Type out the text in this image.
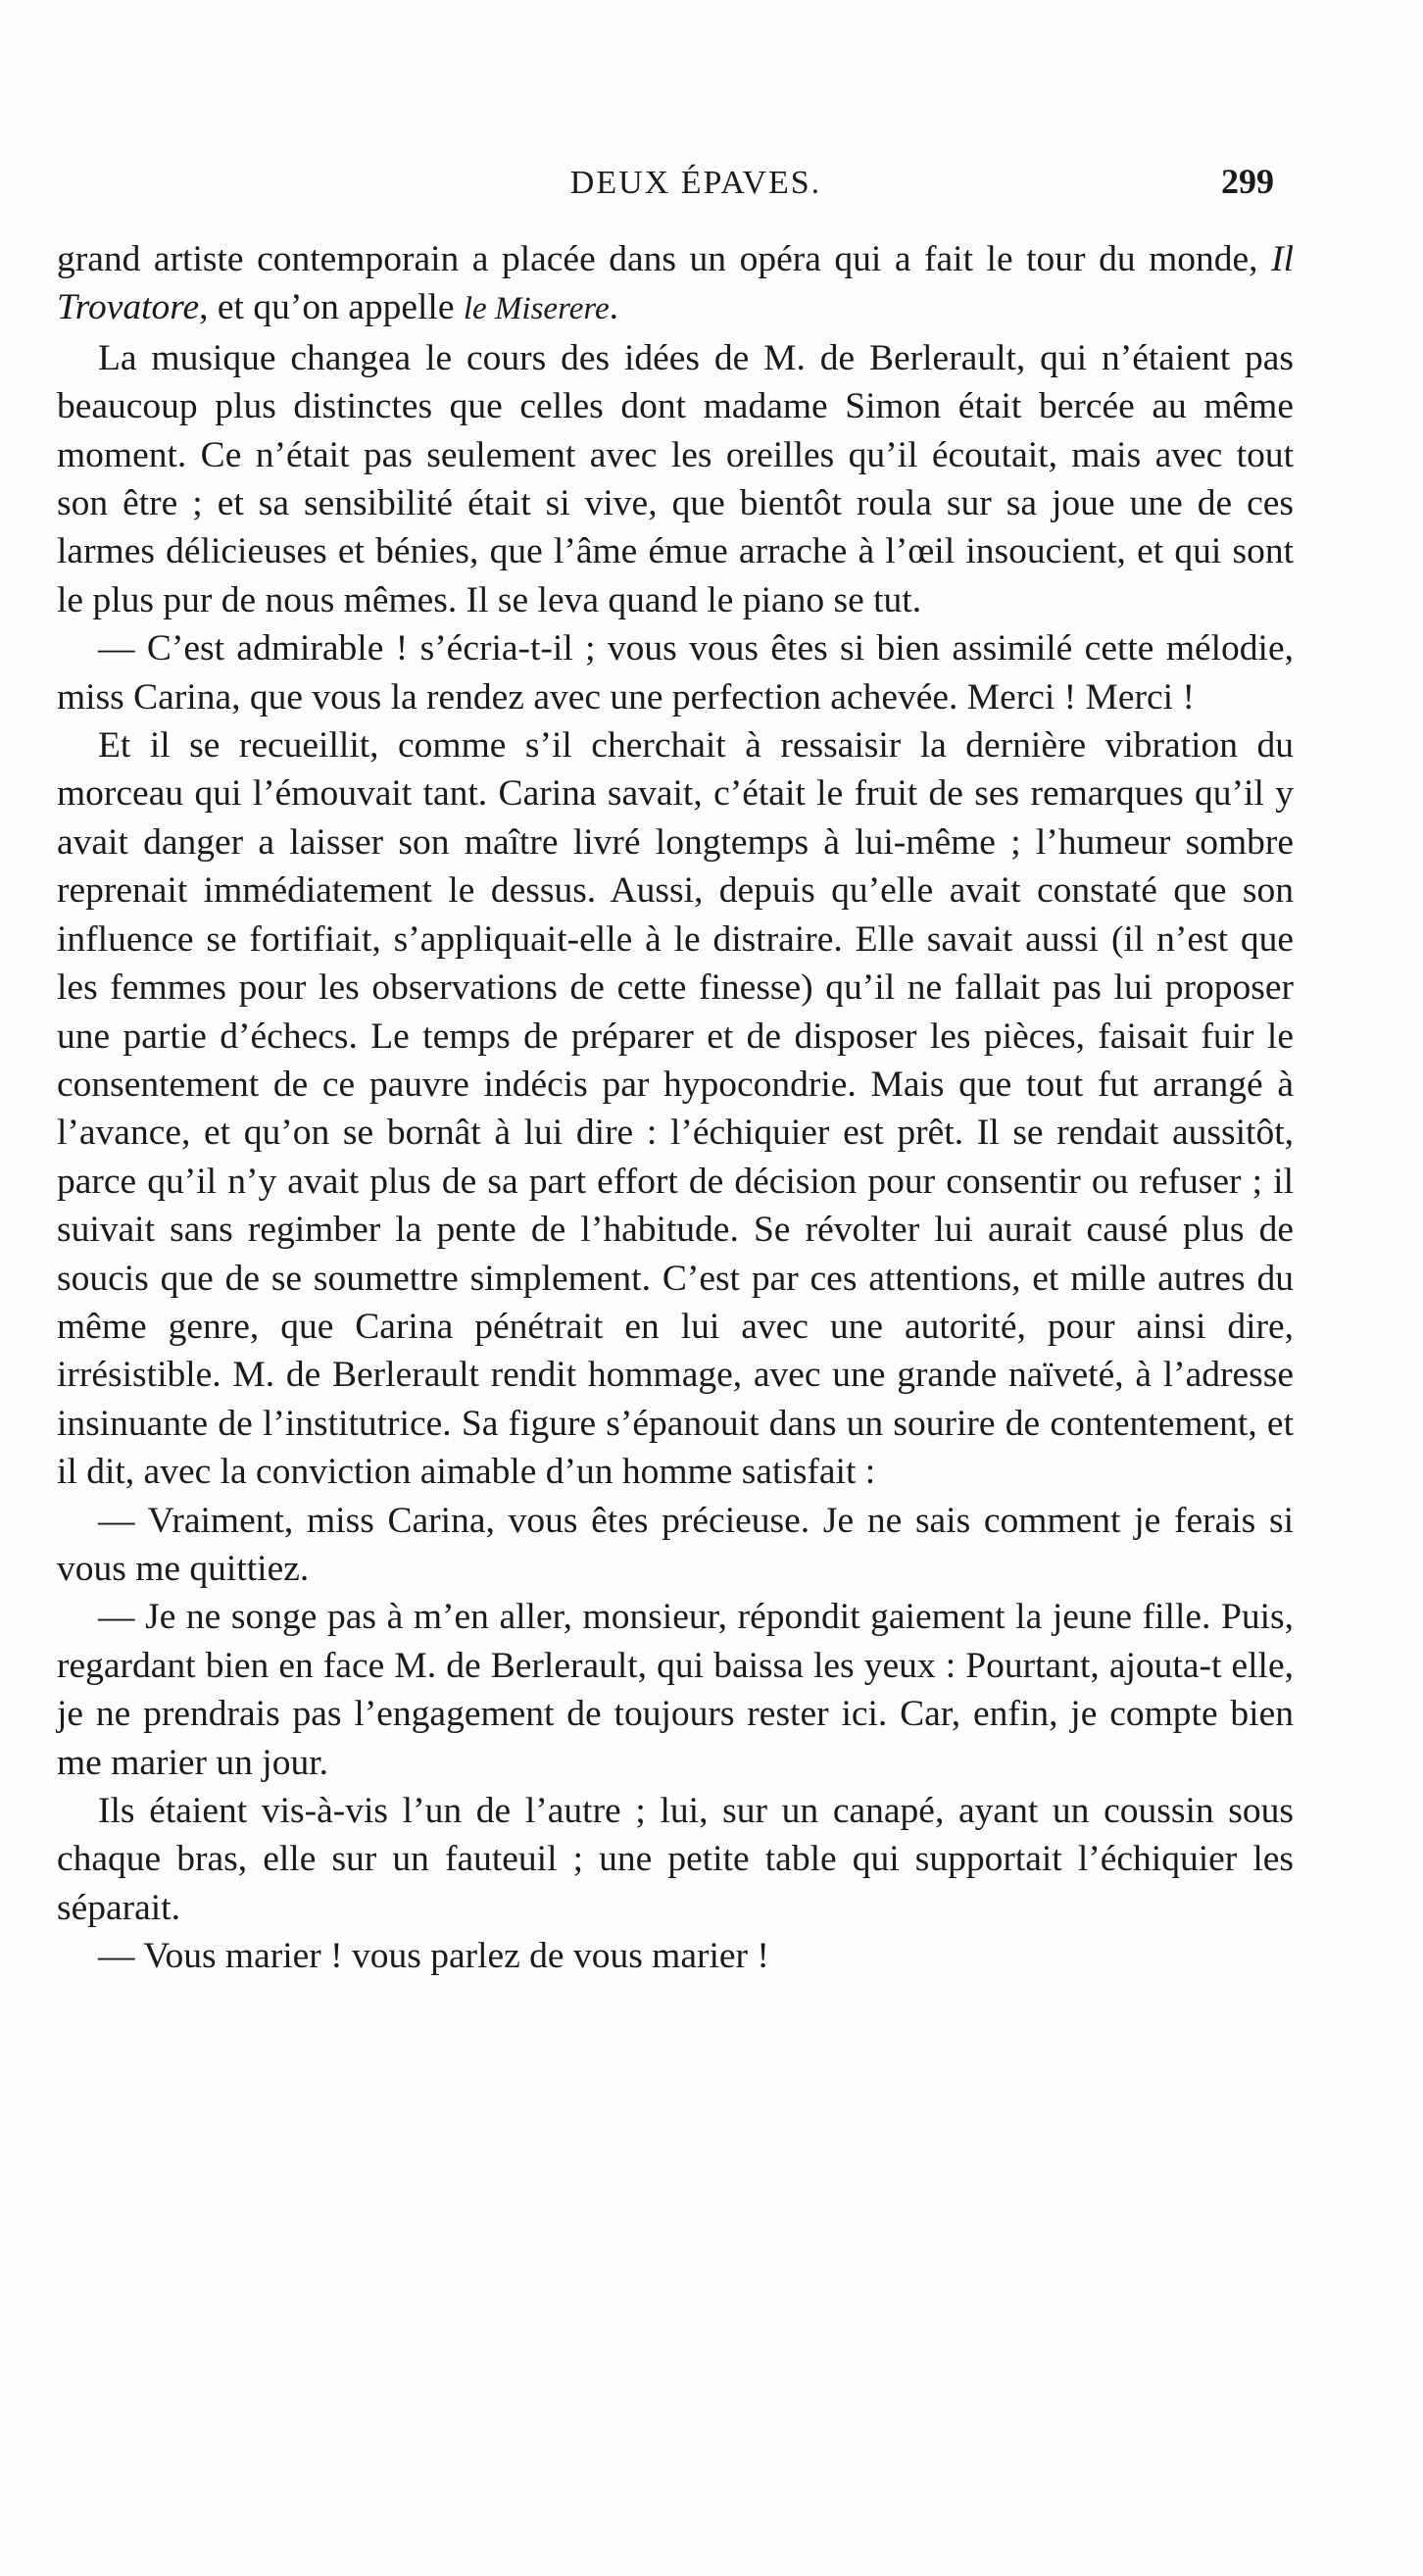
DEUX ÉPAVES.	299

grand artiste contemporain a placée dans un opéra qui a fait le tour du monde, Il Trovatore, et qu’on appelle le Miserere.

La musique changea le cours des idées de M. de Berlerault, qui n’étaient pas beaucoup plus distinctes que celles dont madame Simon était bercée au même moment. Ce n’était pas seulement avec les oreilles qu’il écoutait, mais avec tout son être ; et sa sensibilité était si vive, que bientôt roula sur sa joue une de ces larmes délicieuses et bénies, que l’âme émue arrache à l’œil insoucient, et qui sont le plus pur de nous mêmes. Il se leva quand le piano se tut.

— C’est admirable ! s’écria-t-il ; vous vous êtes si bien assimilé cette mélodie, miss Carina, que vous la rendez avec une perfection achevée. Merci ! Merci !

Et il se recueillit, comme s’il cherchait à ressaisir la dernière vibration du morceau qui l’émouvait tant. Carina savait, c’était le fruit de ses remarques qu’il y avait danger a laisser son maître livré longtemps à lui-même ; l’humeur sombre reprenait immédiatement le dessus. Aussi, depuis qu’elle avait constaté que son influence se fortifiait, s’appliquait-elle à le distraire. Elle savait aussi (il n’est que les femmes pour les observations de cette finesse) qu’il ne fallait pas lui proposer une partie d’échecs. Le temps de préparer et de disposer les pièces, faisait fuir le consentement de ce pauvre indécis par hypocondrie. Mais que tout fut arrangé à l’avance, et qu’on se bornât à lui dire : l’échiquier est prêt. Il se rendait aussitôt, parce qu’il n’y avait plus de sa part effort de décision pour consentir ou refuser ; il suivait sans regimber la pente de l’habitude. Se révolter lui aurait causé plus de soucis que de se soumettre simplement. C’est par ces attentions, et mille autres du même genre, que Carina pénétrait en lui avec une autorité, pour ainsi dire, irrésistible. M. de Berlerault rendit hommage, avec une grande naïveté, à l’adresse insinuante de l’institutrice. Sa figure s’épanouit dans un sourire de contentement, et il dit, avec la conviction aimable d’un homme satisfait :

— Vraiment, miss Carina, vous êtes précieuse. Je ne sais comment je ferais si vous me quittiez.

— Je ne songe pas à m’en aller, monsieur, répondit gaiement la jeune fille. Puis, regardant bien en face M. de Berlerault, qui baissa les yeux : Pourtant, ajouta-t elle, je ne prendrais pas l’engagement de toujours rester ici. Car, enfin, je compte bien me marier un jour.

Ils étaient vis-à-vis l’un de l’autre ; lui, sur un canapé, ayant un coussin sous chaque bras, elle sur un fauteuil ; une petite table qui supportait l’échiquier les séparait.

— Vous marier ! vous parlez de vous marier !
